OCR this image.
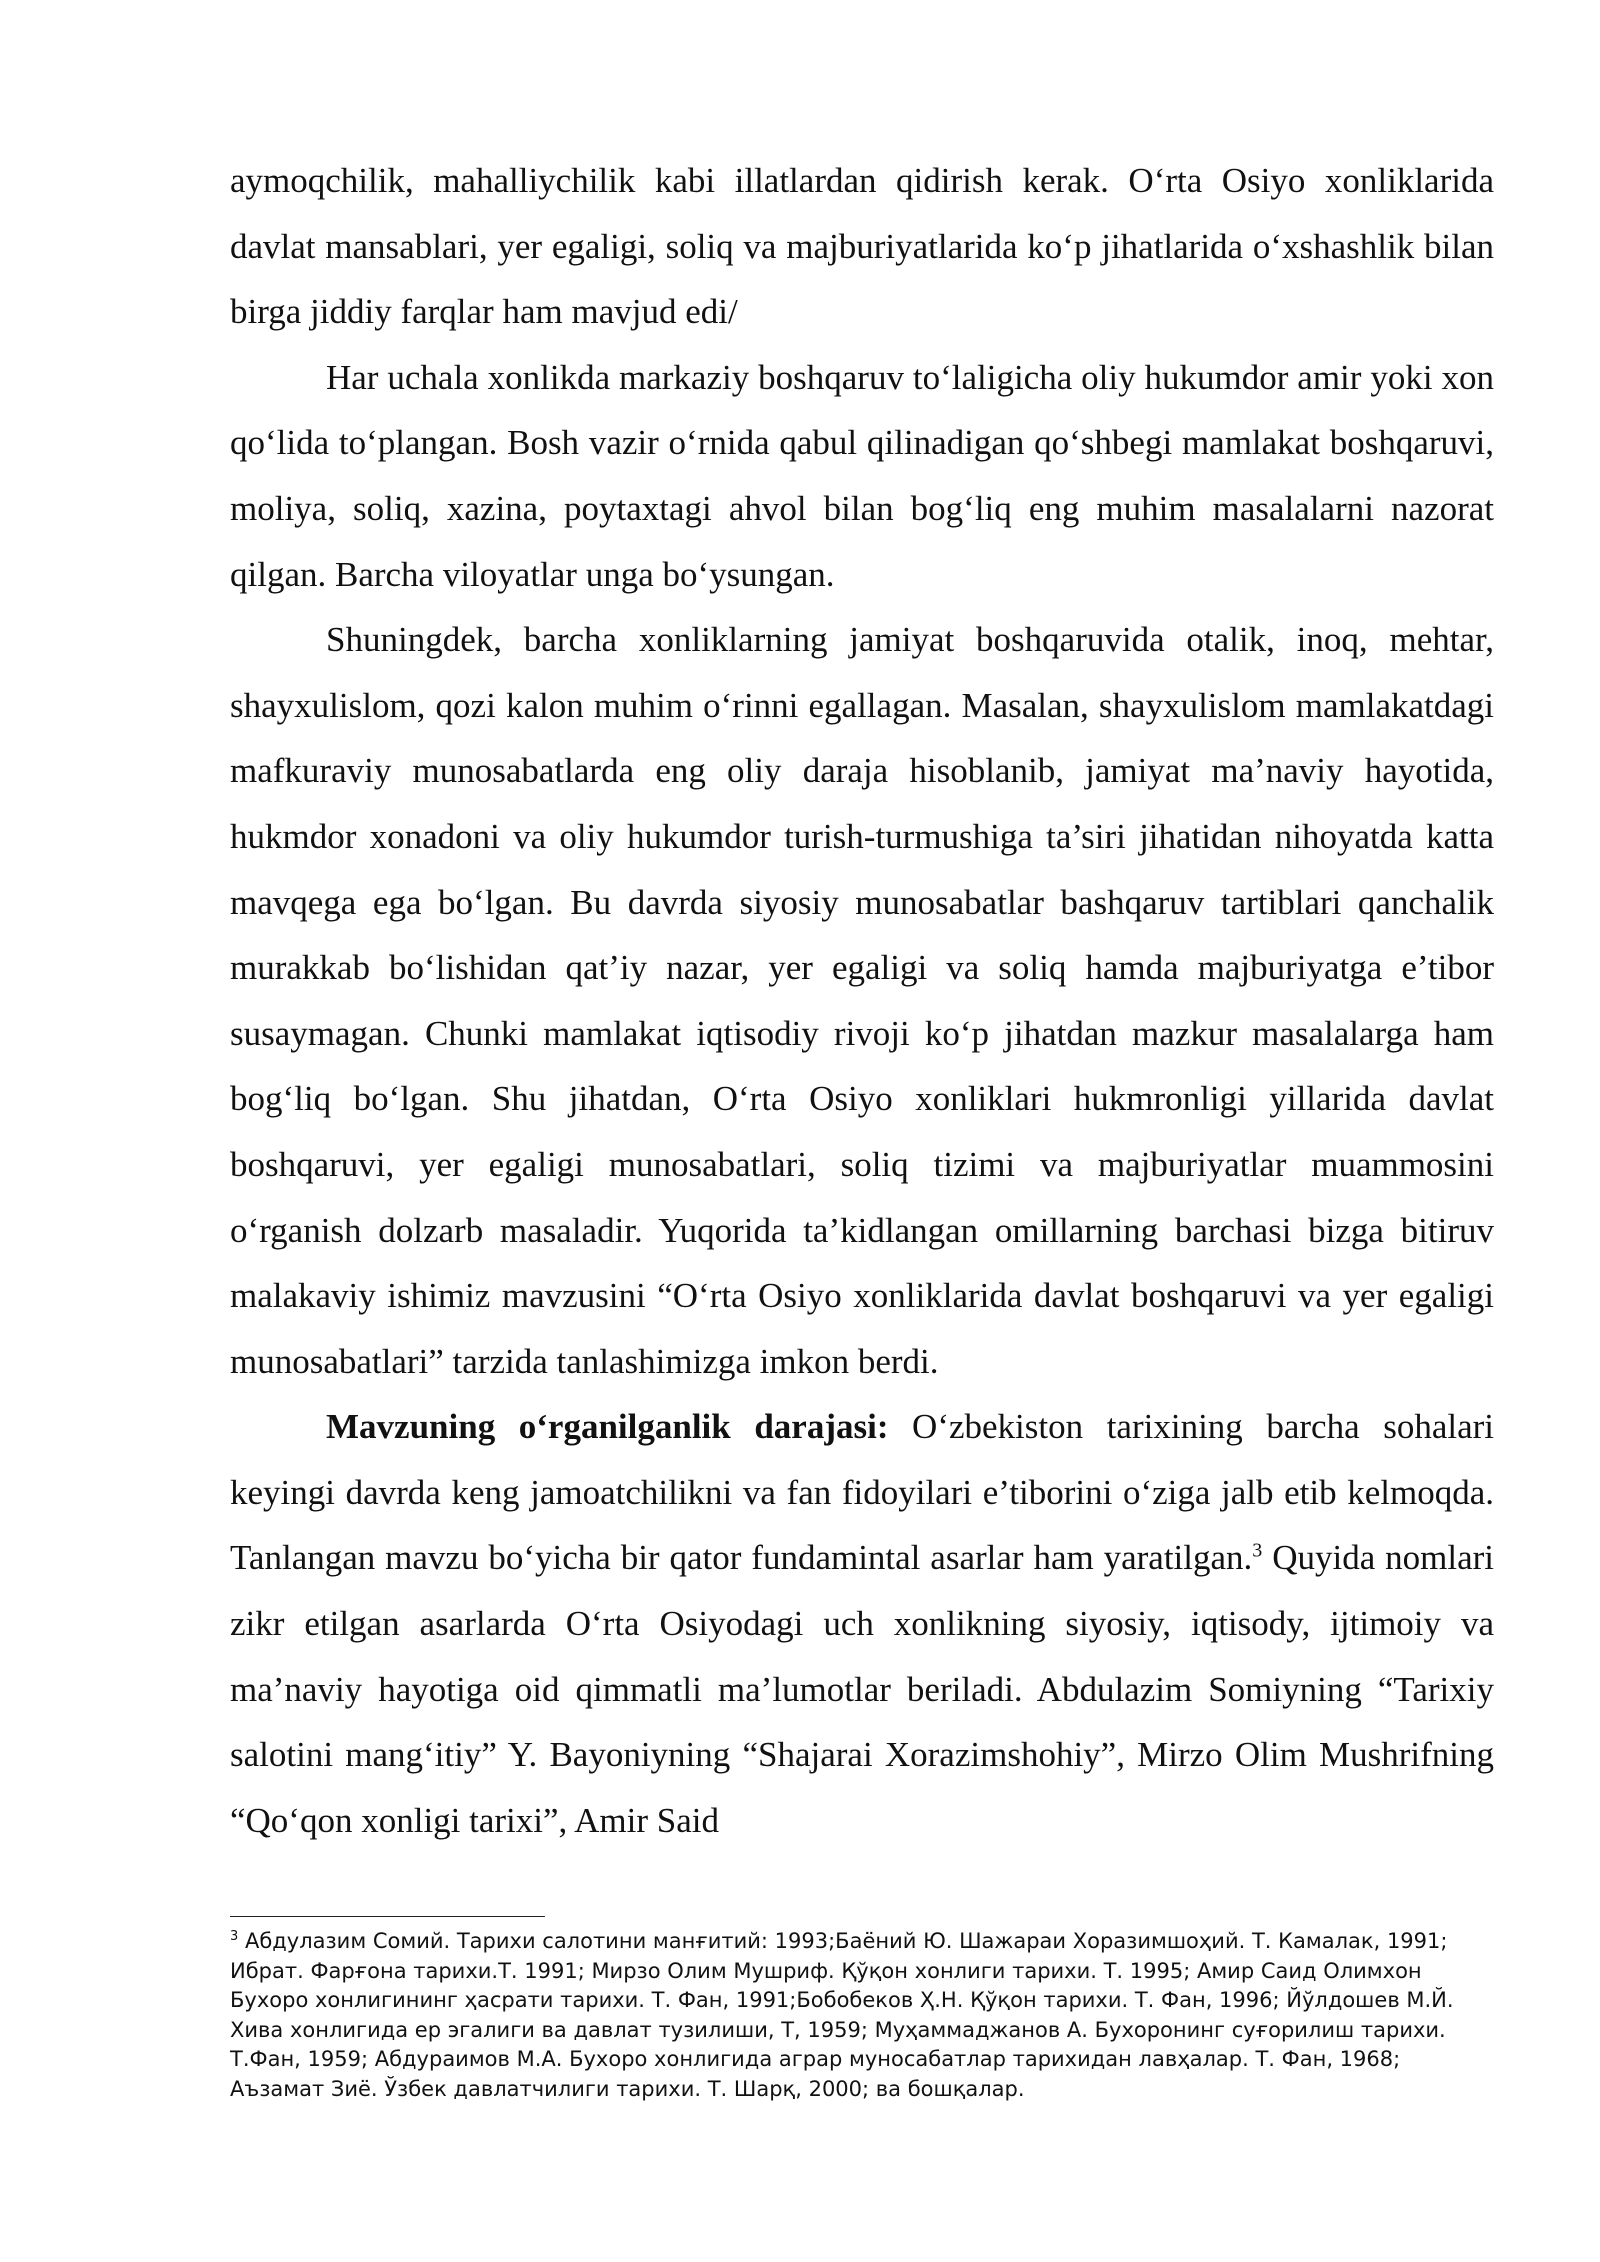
aymoqchilik, mahalliychilik kabi illatlardan qidirish kerak. O‘rta Osiyo xonliklarida davlat mansablari, yer egaligi, soliq va majburiyatlarida ko‘p jihatlarida o‘xshashlik bilan birga jiddiy farqlar ham mavjud edi/

Har uchala xonlikda markaziy boshqaruv to‘laligicha oliy hukumdor amir yoki xon qo‘lida to‘plangan. Bosh vazir o‘rnida qabul qilinadigan qo‘shbegi mamlakat boshqaruvi, moliya, soliq, xazina, poytaxtagi ahvol bilan bog‘liq eng muhim masalalarni nazorat qilgan. Barcha viloyatlar unga bo‘ysungan.

Shuningdek, barcha xonliklarning jamiyat boshqaruvida otalik, inoq, mehtar, shayxulislom, qozi kalon muhim o‘rinni egallagan. Masalan, shayxulislom mamlakatdagi mafkuraviy munosabatlarda eng oliy daraja hisoblanib, jamiyat ma’naviy hayotida, hukmdor xonadoni va oliy hukumdor turish-turmushiga ta’siri jihatidan nihoyatda katta mavqega ega bo‘lgan. Bu davrda siyosiy munosabatlar bashqaruv tartiblari qanchalik murakkab bo‘lishidan qat’iy nazar, yer egaligi va soliq hamda majburiyatga e’tibor susaymagan. Chunki mamlakat iqtisodiy rivoji ko‘p jihatdan mazkur masalalarga ham bog‘liq bo‘lgan. Shu jihatdan, O‘rta Osiyo xonliklari hukmronligi yillarida davlat boshqaruvi, yer egaligi munosabatlari, soliq tizimi va majburiyatlar muammosini o‘rganish dolzarb masaladir. Yuqorida ta’kidlangan omillarning barchasi bizga bitiruv malakaviy ishimiz mavzusini “O‘rta Osiyo xonliklarida davlat boshqaruvi va yer egaligi munosabatlari” tarzida tanlashimizga imkon berdi.

Mavzuning o‘rganilganlik darajasi: O‘zbekiston tarixining barcha sohalari keyingi davrda keng jamoatchilikni va fan fidoyilari e’tiborini o‘ziga jalb etib kelmoqda. Tanlangan mavzu bo‘yicha bir qator fundamintal asarlar ham yaratilgan.$^3$ Quyida nomlari zikr etilgan asarlarda O‘rta Osiyodagi uch xonlikning siyosiy, iqtisody, ijtimoiy va ma’naviy hayotiga oid qimmatli ma’lumotlar beriladi. Abdulazim Somiyning “Tarixiy salotini mang‘itiy” Y. Bayoniyning “Shajarai Xorazimshohiy”, Mirzo Olim Mushrifning “Qo‘qon xonligi tarixi”, Amir Said

$^3$ Абдулазим Сомий. Тарихи салотини манғитий: 1993;Баёний Ю. Шажараи Хоразимшоҳий. Т. Камалак, 1991; Ибрат. Фарғона тарихи.Т. 1991; Мирзо Олим Мушриф. Қўқон хонлиги тарихи. Т. 1995; Амир Саид Олимхон Бухоро хонлигининг ҳасрати тарихи. Т. Фан, 1991;Бобобеков Ҳ.Н. Қўқон тарихи. Т. Фан, 1996; Йўлдошев М.Й. Хива хонлигида ер эгалиги ва давлат тузилиши, Т, 1959; Муҳаммаджанов А. Бухоронинг суғорилиш тарихи. Т.Фан, 1959; Абдураимов М.А. Бухоро хонлигида аграр муносабатлар тарихидан лавҳалар. Т. Фан, 1968; Аъзамат Зиё. Ўзбек давлатчилиги тарихи. Т. Шарқ, 2000; ва бошқалар.
